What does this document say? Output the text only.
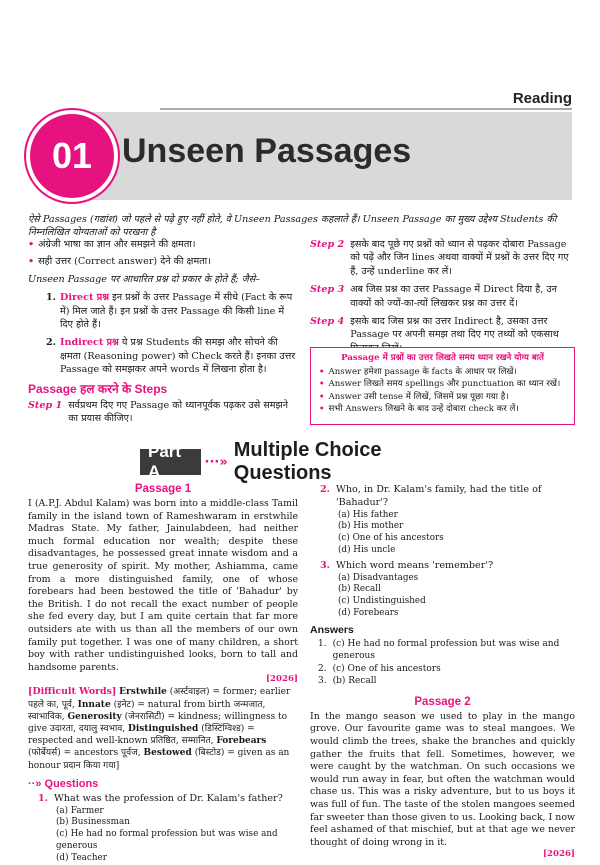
Reading
01 Unseen Passages
ऐसे Passages (गद्यांश) जो पहले से पढ़े हुए नहीं होते, वे Unseen Passages कहलाते हैं। Unseen Passage का मुख्य उद्देश्य Students की निम्नलिखित योग्यताओं को परखना है
• अंग्रेजी भाषा का ज्ञान और समझने की क्षमता।
• सही उत्तर (Correct answer) देने की क्षमता।
Unseen Passage पर आधारित प्रश्न दो प्रकार के होते हैं; जैसे–
1. Direct प्रश्न इन प्रश्नों के उत्तर Passage में सीधे (Fact के रूप में) मिल जाते हैं। इन प्रश्नों के उत्तर Passage की किसी line में दिए होते हैं।
2. Indirect प्रश्न ये प्रश्न Students की समझ और सोचने की क्षमता (Reasoning power) को Check करते हैं। इनका उत्तर Passage को समझकर अपने words में लिखना होता है।
Passage हल करने के Steps
Step 1 सर्वप्रथम दिए गए Passage को ध्यानपूर्वक पढ़कर उसे समझने का प्रयास कीजिए।
Step 2 इसके बाद पूछे गए प्रश्नों को ध्यान से पढ़कर दोबारा Passage को पढ़ें और जिन lines अथवा वाक्यों में प्रश्नों के उत्तर दिए गए हैं, उन्हें underline कर लें।
Step 3 अब जिस प्रश्न का उत्तर Passage में Direct दिया है, उन वाक्यों को ज्यों-का-त्यों लिखकर प्रश्न का उत्तर दें।
Step 4 इसके बाद जिस प्रश्न का उत्तर Indirect है, उसका उत्तर Passage पर अपनी समझ तथा दिए गए तथ्यों को एकसाथ
Passage में प्रश्नों का उत्तर लिखते समय ध्यान रखने योग्य बातें
• Answer हमेशा passage के facts के आधार पर लिखें।
• Answer लिखते समय spellings और punctuation का ध्यान रखें।
• Answer उसी tense में लिखें, जिसमें प्रश्न पूछा गया है।
• सभी Answers लिखने के बाद उन्हें दोबारा check कर लें।
Part A	···»
Multiple Choice Questions
Passage 1
I (A.P.J. Abdul Kalam) was born into a middle-class Tamil family in the island town of Rameshwaram in erstwhile Madras State. My father, Jainulabdeen, had neither much formal education nor wealth; despite these disadvantages, he possessed great innate wisdom and a true generosity of spirit. My mother, Ashiamma, came from a more distinguished family, one of whose forebears had been bestowed the title of 'Bahadur' by the British. I do not recall the exact number of people she fed every day, but I am quite certain that far more outsiders ate with us than all the members of our own family put together. I was one of many children, a short boy with rather undistinguished looks, born to tall and handsome parents.
[2026]
[Difficult Words] Erstwhile (अर्स्टवाइल) = former; earlier पहले का, पूर्व, Innate (इनेट) = natural from birth जन्मजात, स्वाभाविक, Generosity (जेनरासिटी) = kindness; willingness to give उदारता, दयालु स्वभाव, Distinguished (डिस्टिंग्विश्ड) = respected and well-known प्रतिष्ठित, सम्मानित, Forebears (फोर्बेयर्स) = ancestors पूर्वज, Bestowed (बिस्टोड) = given as an honour प्रदान किया गया]
··» Questions
1. What was the profession of Dr. Kalam's father?
(a) Farmer
(b) Businessman
(c) He had no formal profession but was wise and generous
(d) Teacher
2. Who, in Dr. Kalam's family, had the title of 'Bahadur'?
(a) His father
(b) His mother
(c) One of his ancestors
(d) His uncle
3. Which word means 'remember'?
(a) Disadvantages
(b) Recall
(c) Undistinguished
(d) Forebears
Answers
1. (c) He had no formal profession but was wise and generous
2. (c) One of his ancestors
3. (b) Recall
Passage 2
In the mango season we used to play in the mango grove. Our favourite game was to steal mangoes. We would climb the trees, shake the branches and quickly gather the fruits that fell. Sometimes, however, we were caught by the watchman. On such occasions we would run away in fear, but often the watchman would chase us. This was a risky adventure, but to us boys it was full of fun. The taste of the stolen mangoes seemed far sweeter than those given to us. Looking back, I now feel ashamed of that mischief, but at that age we never thought of doing wrong in it.
[2026]
